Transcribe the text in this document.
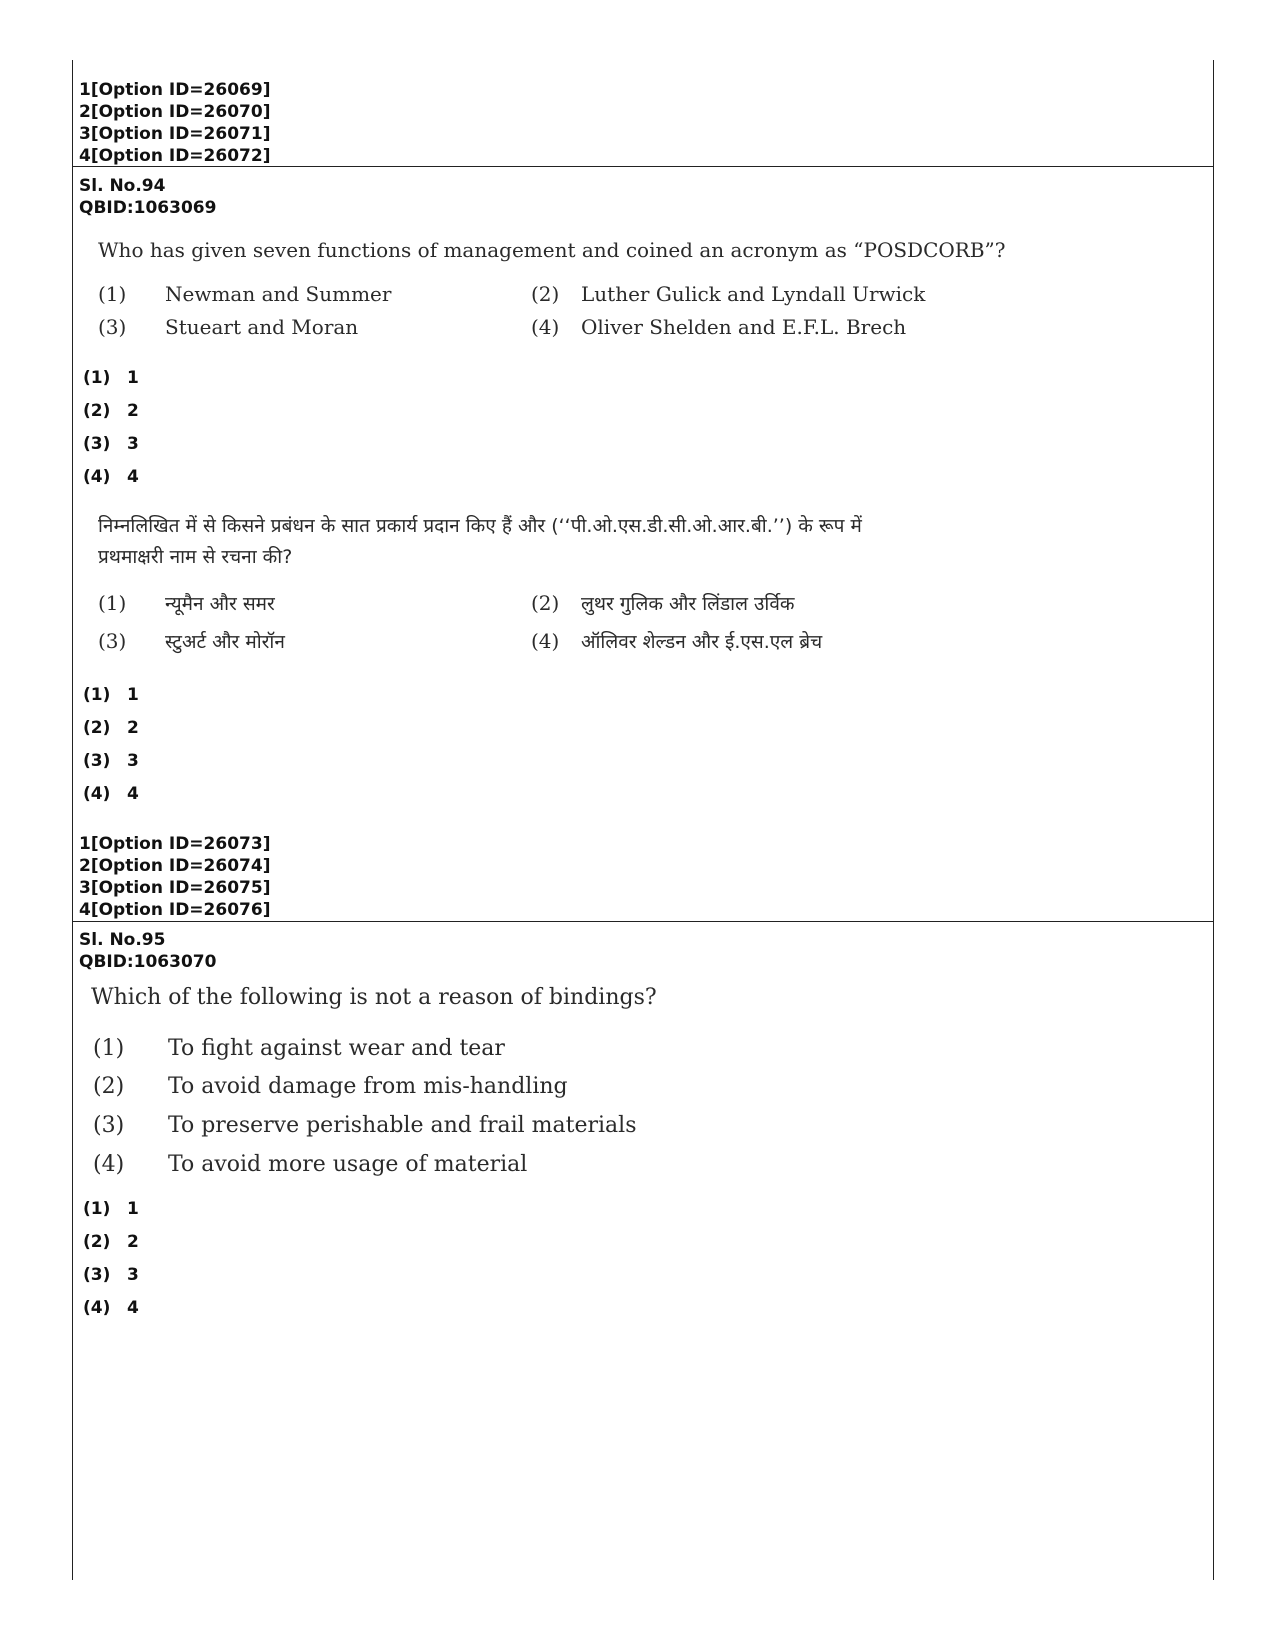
1[Option ID=26069]
2[Option ID=26070]
3[Option ID=26071]
4[Option ID=26072]
Sl. No.94
QBID:1063069
Who has given seven functions of management and coined an acronym as “POSDCORB”?
(1) Newman and Summer	(2) Luther Gulick and Lyndall Urwick
(3) Stueart and Moran	(4) Oliver Shelden and E.F.L. Brech
(1) 1
(2) 2
(3) 3
(4) 4
निम्नलिखित में से किसने प्रबंधन के सात प्रकार्य प्रदान किए हैं और (‘‘पी.ओ.एस.डी.सी.ओ.आर.बी.’’) के रूप में
प्रथमाक्षरी नाम से रचना की?
(1) न्यूमैन और समर	(2) लुथर गुलिक और लिंडाल उर्विक
(3) स्टुअर्ट और मोरॉन	(4) ऑलिवर शेल्डन और ई.एस.एल ब्रेच
(1) 1
(2) 2
(3) 3
(4) 4
1[Option ID=26073]
2[Option ID=26074]
3[Option ID=26075]
4[Option ID=26076]
Sl. No.95
QBID:1063070
Which of the following is not a reason of bindings?
(1) To fight against wear and tear
(2) To avoid damage from mis-handling
(3) To preserve perishable and frail materials
(4) To avoid more usage of material
(1) 1
(2) 2
(3) 3
(4) 4
